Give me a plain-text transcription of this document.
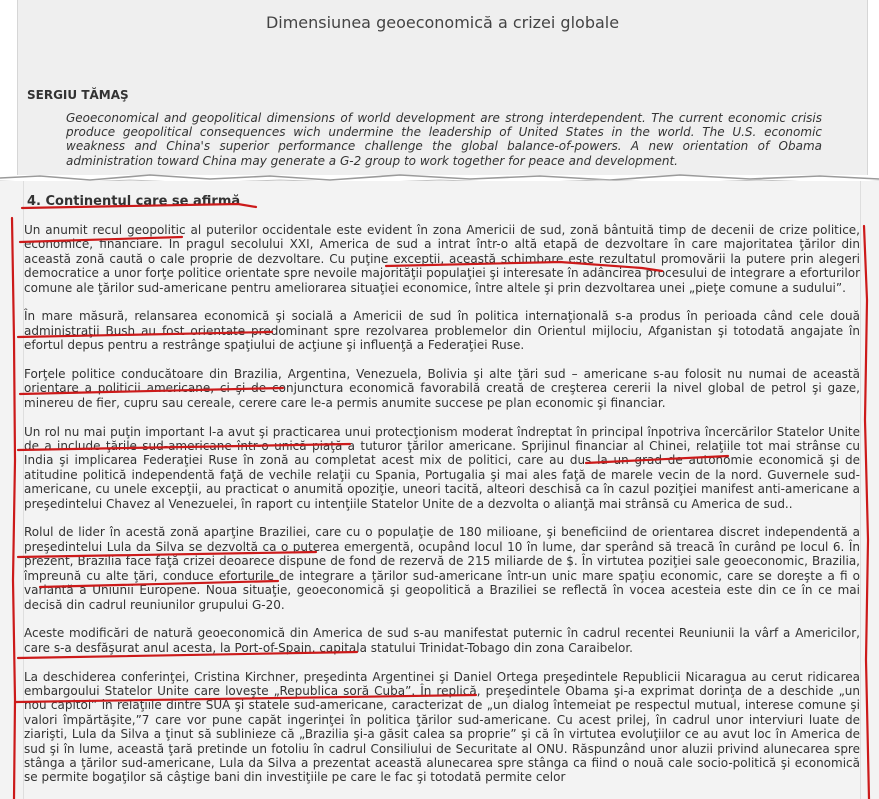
Dimensiunea geoeconomică a crizei globale
SERGIU TĂMAŞ

Geoeconomical and geopolitical dimensions of world development are strong interdependent. The current economic crisis produce geopolitical consequences wich undermine the leadership of United States in the world. The U.S. economic weakness and China's superior performance challenge the global balance-of-powers. A new orientation of Obama administration toward China may generate a G-2 group to work together for peace and development.

4. Continentul care se afirmă

Un anumit recul geopolitic al puterilor occidentale este evident în zona Americii de sud, zonă bântuită timp de decenii de crize politice, economice, financiare. În pragul secolului XXI, America de sud a intrat într-o altă etapă de dezvoltare în care majoritatea ţărilor din această zonă caută o cale proprie de dezvoltare. Cu puţine excepţii, această schimbare este rezultatul promovării la putere prin alegeri democratice a unor forţe politice orientate spre nevoile majorităţii populaţiei şi interesate în adâncirea procesului de integrare a eforturilor comune ale ţărilor sud-americane pentru ameliorarea situaţiei economice, între altele şi prin dezvoltarea unei „pieţe comune a sudului”.

În mare măsură, relansarea economică şi socială a Americii de sud în politica internaţională s-a produs în perioada când cele două administraţii Bush au fost orientate predominant spre rezolvarea problemelor din Orientul mijlociu, Afganistan şi totodată angajate în efortul depus pentru a restrânge spaţiului de acţiune şi influenţă a Federaţiei Ruse.

Forţele politice conducătoare din Brazilia, Argentina, Venezuela, Bolivia şi alte ţări sud – americane s-au folosit nu numai de această orientare a politicii americane, ci şi de conjunctura economică favorabilă creată de creşterea cererii la nivel global de petrol şi gaze, minereu de fier, cupru sau cereale, cerere care le-a permis anumite succese pe plan economic şi financiar.

Un rol nu mai puţin important l-a avut şi practicarea unui protecţionism moderat îndreptat în principal înpotriva încercărilor Statelor Unite de a include ţările sud-americane într-o unică piaţă a tuturor ţărilor americane. Sprijinul financiar al Chinei, relaţiile tot mai strânse cu India şi implicarea Federaţiei Ruse în zonă au completat acest mix de politici, care au dus la un grad de autonomie economică şi de atitudine politică independentă faţă de vechile relaţii cu Spania, Portugalia şi mai ales faţă de marele vecin de la nord. Guvernele sud-americane, cu unele excepţii, au practicat o anumită opoziţie, uneori tacită, alteori deschisă ca în cazul poziţiei manifest anti-americane a preşedintelui Chavez al Venezuelei, în raport cu intenţiile Statelor Unite de a dezvolta o alianţă mai strânsă cu America de sud..

Rolul de lider în acestă zonă aparţine Braziliei, care cu o populaţie de 180 milioane, şi beneficiind de orientarea discret independentă a preşedintelui Lula da Silva se dezvoltă ca o puterea emergentă, ocupând locul 10 în lume, dar sperând să treacă în curând pe locul 6. În prezent, Brazilia face faţă crizei deoarece dispune de fond de rezervă de 215 miliarde de $. În virtutea poziţiei sale geoeconomic, Brazilia, împreună cu alte ţări, conduce eforturile de integrare a ţărilor sud-americane într-un unic mare spaţiu economic, care se doreşte a fi o variantă a Uniunii Europene. Noua situaţie, geoeconomică şi geopolitică a Braziliei se reflectă în vocea acesteia este din ce în ce mai decisă din cadrul reuniunilor grupului G-20.

Aceste modificări de natură geoeconomică din America de sud s-au manifestat puternic în cadrul recentei Reuniunii la vârf a Americilor, care s-a desfăşurat anul acesta, la Port-of-Spain, capitala statului Trinidat-Tobago din zona Caraibelor.

La deschiderea conferinţei, Cristina Kirchner, preşedinta Argentinei şi Daniel Ortega preşedintele Republicii Nicaragua au cerut ridicarea embargoului Statelor Unite care loveşte „Republica soră Cuba”. În replică, preşedintele Obama şi-a exprimat dorinţa de a deschide „un nou capitol” în relaţiile dintre SUA şi statele sud-americane, caracterizat de „un dialog întemeiat pe respectul mutual, interese comune şi valori împărtăşite,”7 care vor pune capăt ingerinţei în politica ţărilor sud-americane. Cu acest prilej, în cadrul unor interviuri luate de ziarişti, Lula da Silva a ţinut să sublinieze că „Brazilia şi-a găsit calea sa proprie” şi că în virtutea evoluţiilor ce au avut loc în America de sud şi în lume, această ţară pretinde un fotoliu în cadrul Consiliului de Securitate al ONU. Răspunzând unor aluzii privind alunecarea spre stânga a ţărilor sud-americane, Lula da Silva a prezentat această alunecarea spre stânga ca fiind o nouă cale socio-politică şi economică se permite bogaţilor să câştige bani din investiţiile pe care le fac şi totodată permite celor
